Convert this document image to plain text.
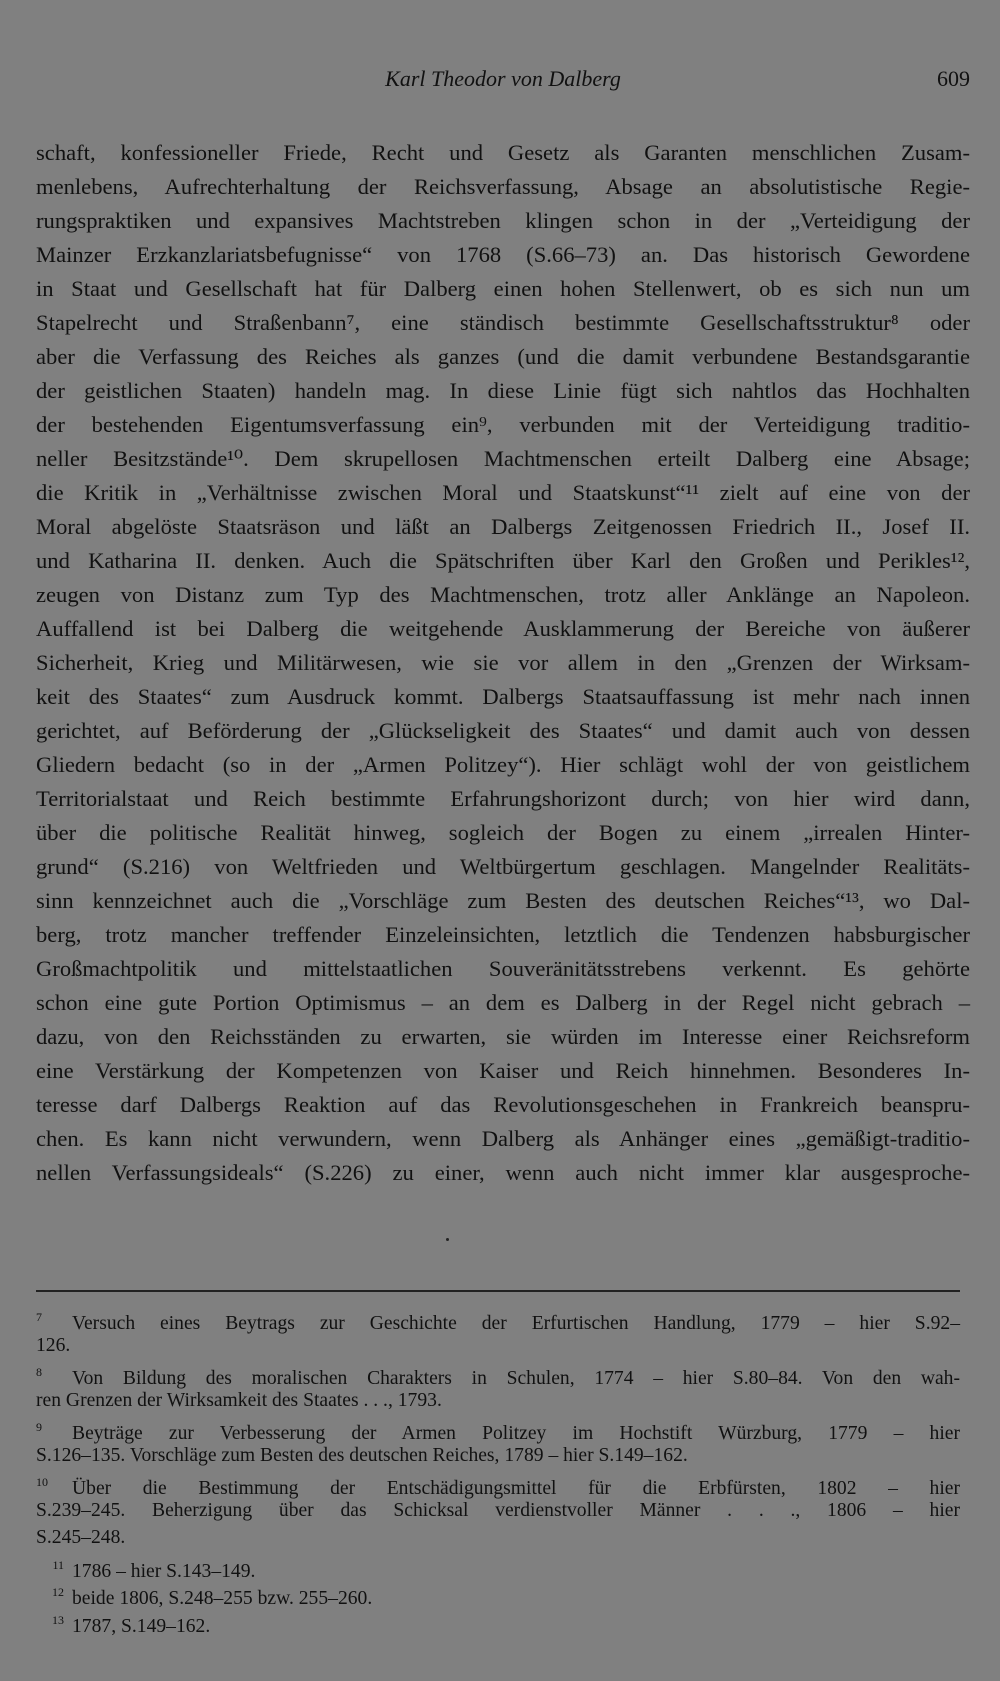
Karl Theodor von Dalberg	609
schaft, konfessioneller Friede, Recht und Gesetz als Garanten menschlichen Zusam-
menlebens, Aufrechterhaltung der Reichsverfassung, Absage an absolutistische Regie-
rungspraktiken und expansives Machtstreben klingen schon in der „Verteidigung der
Mainzer Erzkanzlariatsbefugnisse“ von 1768 (S.66–73) an. Das historisch Gewordene
in Staat und Gesellschaft hat für Dalberg einen hohen Stellenwert, ob es sich nun um
Stapelrecht und Straßenbann⁷, eine ständisch bestimmte Gesellschaftsstruktur⁸ oder
aber die Verfassung des Reiches als ganzes (und die damit verbundene Bestandsgarantie
der geistlichen Staaten) handeln mag. In diese Linie fügt sich nahtlos das Hochhalten
der bestehenden Eigentumsverfassung ein⁹, verbunden mit der Verteidigung traditio-
neller Besitzstände¹⁰. Dem skrupellosen Machtmenschen erteilt Dalberg eine Absage;
die Kritik in „Verhältnisse zwischen Moral und Staatskunst“¹¹ zielt auf eine von der
Moral abgelöste Staatsräson und läßt an Dalbergs Zeitgenossen Friedrich II., Josef II.
und Katharina II. denken. Auch die Spätschriften über Karl den Großen und Perikles¹²,
zeugen von Distanz zum Typ des Machtmenschen, trotz aller Anklänge an Napoleon.
Auffallend ist bei Dalberg die weitgehende Ausklammerung der Bereiche von äußerer
Sicherheit, Krieg und Militärwesen, wie sie vor allem in den „Grenzen der Wirksam-
keit des Staates“ zum Ausdruck kommt. Dalbergs Staatsauffassung ist mehr nach innen
gerichtet, auf Beförderung der „Glückseligkeit des Staates“ und damit auch von dessen
Gliedern bedacht (so in der „Armen Politzey“). Hier schlägt wohl der von geistlichem
Territorialstaat und Reich bestimmte Erfahrungshorizont durch; von hier wird dann,
über die politische Realität hinweg, sogleich der Bogen zu einem „irrealen Hinter-
grund“ (S.216) von Weltfrieden und Weltbürgertum geschlagen. Mangelnder Realitäts-
sinn kennzeichnet auch die „Vorschläge zum Besten des deutschen Reiches“¹³, wo Dal-
berg, trotz mancher treffender Einzeleinsichten, letztlich die Tendenzen habsburgischer
Großmachtpolitik und mittelstaatlichen Souveränitätsstrebens verkennt. Es gehörte
schon eine gute Portion Optimismus – an dem es Dalberg in der Regel nicht gebrach –
dazu, von den Reichsständen zu erwarten, sie würden im Interesse einer Reichsreform
eine Verstärkung der Kompetenzen von Kaiser und Reich hinnehmen. Besonderes In-
teresse darf Dalbergs Reaktion auf das Revolutionsgeschehen in Frankreich beanspru-
chen. Es kann nicht verwundern, wenn Dalberg als Anhänger eines „gemäßigt-traditio-
nellen Verfassungsideals“ (S.226) zu einer, wenn auch nicht immer klar ausgesproche-
7 Versuch eines Beytrags zur Geschichte der Erfurtischen Handlung, 1779 – hier S.92–
126.
8 Von Bildung des moralischen Charakters in Schulen, 1774 – hier S.80–84. Von den wah-
ren Grenzen der Wirksamkeit des Staates . . ., 1793.
9 Beyträge zur Verbesserung der Armen Politzey im Hochstift Würzburg, 1779 – hier
S.126–135. Vorschläge zum Besten des deutschen Reiches, 1789 – hier S.149–162.
10 Über die Bestimmung der Entschädigungsmittel für die Erbfürsten, 1802 – hier
S.239–245. Beherzigung über das Schicksal verdienstvoller Männer . . ., 1806 – hier
S.245–248.
11 1786 – hier S.143–149.
12 beide 1806, S.248–255 bzw. 255–260.
13 1787, S.149–162.
